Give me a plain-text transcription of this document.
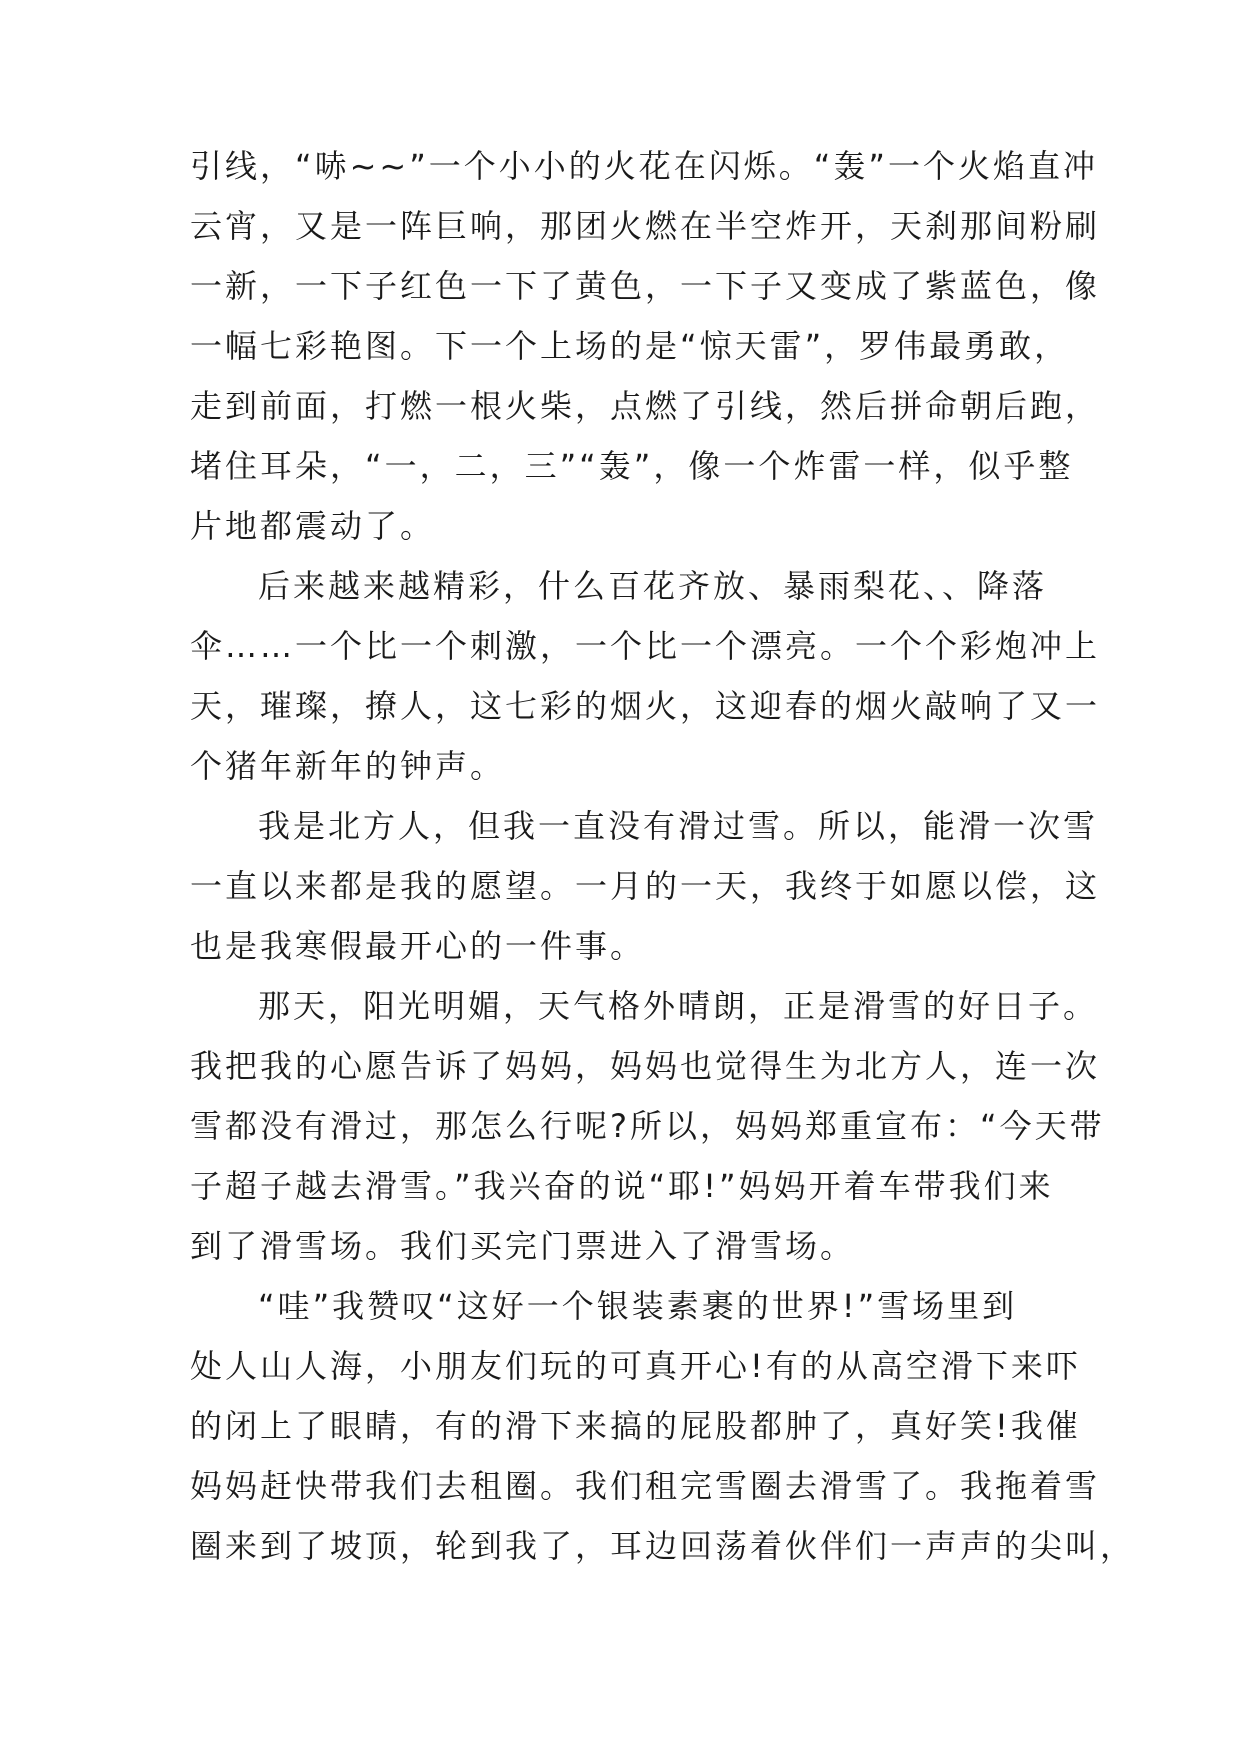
引线，“哧~~”一个小小的火花在闪烁。“轰”一个火焰直冲
云宵，又是一阵巨响，那团火燃在半空炸开，天刹那间粉刷
一新，一下子红色一下了黄色，一下子又变成了紫蓝色，像
一幅七彩艳图。下一个上场的是“惊天雷”，罗伟最勇敢，
走到前面，打燃一根火柴，点燃了引线，然后拼命朝后跑，
堵住耳朵，“一，二，三”“轰”，像一个炸雷一样，似乎整
片地都震动了。
后来越来越精彩，什么百花齐放、暴雨梨花、、降落
伞……一个比一个刺激，一个比一个漂亮。一个个彩炮冲上
天，璀璨，撩人，这七彩的烟火，这迎春的烟火敲响了又一
个猪年新年的钟声。
我是北方人，但我一直没有滑过雪。所以，能滑一次雪
一直以来都是我的愿望。一月的一天，我终于如愿以偿，这
也是我寒假最开心的一件事。
那天，阳光明媚，天气格外晴朗，正是滑雪的好日子。
我把我的心愿告诉了妈妈，妈妈也觉得生为北方人，连一次
雪都没有滑过，那怎么行呢?所以，妈妈郑重宣布：“今天带
子超子越去滑雪。”我兴奋的说“耶!”妈妈开着车带我们来
到了滑雪场。我们买完门票进入了滑雪场。
“哇”我赞叹“这好一个银装素裹的世界!”雪场里到
处人山人海，小朋友们玩的可真开心!有的从高空滑下来吓
的闭上了眼睛，有的滑下来搞的屁股都肿了，真好笑!我催
妈妈赶快带我们去租圈。我们租完雪圈去滑雪了。我拖着雪
圈来到了坡顶，轮到我了，耳边回荡着伙伴们一声声的尖叫，
